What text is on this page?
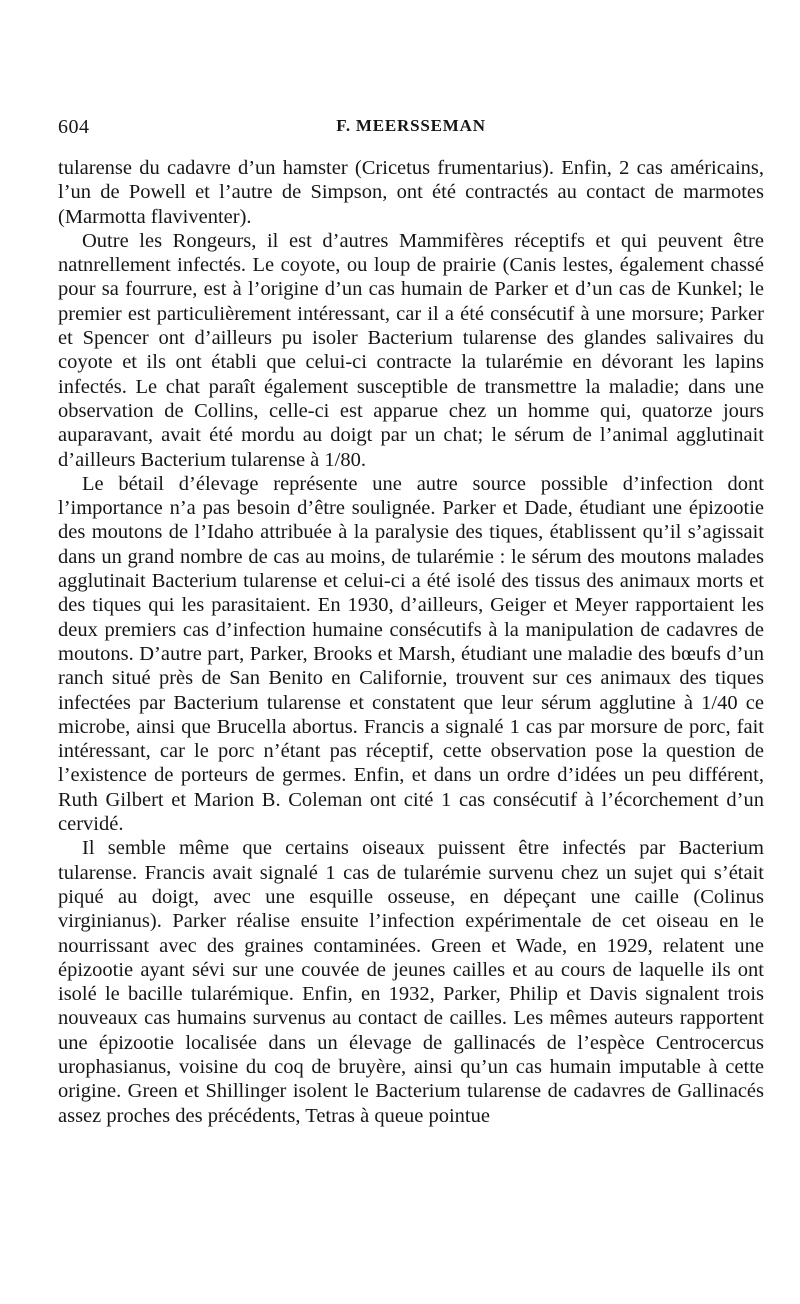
604	F. MEERSSEMAN

tularense du cadavre d’un hamster (Cricetus frumentarius). Enfin, 2 cas américains, l’un de Powell et l’autre de Simpson, ont été contractés au contact de marmotes (Marmotta flaviventer).

Outre les Rongeurs, il est d’autres Mammifères réceptifs et qui peuvent être natnrellement infectés. Le coyote, ou loup de prairie (Canis lestes, également chassé pour sa fourrure, est à l’origine d’un cas humain de Parker et d’un cas de Kunkel; le premier est particulièrement intéressant, car il a été consécutif à une morsure; Parker et Spencer ont d’ailleurs pu isoler Bacterium tularense des glandes salivaires du coyote et ils ont établi que celui-ci contracte la tularémie en dévorant les lapins infectés. Le chat paraît également susceptible de transmettre la maladie; dans une observation de Collins, celle-ci est apparue chez un homme qui, quatorze jours auparavant, avait été mordu au doigt par un chat; le sérum de l’animal agglutinait d’ailleurs Bacterium tularense à 1/80.

Le bétail d’élevage représente une autre source possible d’infection dont l’importance n’a pas besoin d’être soulignée. Parker et Dade, étudiant une épizootie des moutons de l’Idaho attribuée à la paralysie des tiques, établissent qu’il s’agissait dans un grand nombre de cas au moins, de tularémie : le sérum des moutons malades agglutinait Bacterium tularense et celui-ci a été isolé des tissus des animaux morts et des tiques qui les parasitaient. En 1930, d’ailleurs, Geiger et Meyer rapportaient les deux premiers cas d’infection humaine consécutifs à la manipulation de cadavres de moutons. D’autre part, Parker, Brooks et Marsh, étudiant une maladie des bœufs d’un ranch situé près de San Benito en Californie, trouvent sur ces animaux des tiques infectées par Bacterium tularense et constatent que leur sérum agglutine à 1/40 ce microbe, ainsi que Brucella abortus. Francis a signalé 1 cas par morsure de porc, fait intéressant, car le porc n’étant pas réceptif, cette observation pose la question de l’existence de porteurs de germes. Enfin, et dans un ordre d’idées un peu différent, Ruth Gilbert et Marion B. Coleman ont cité 1 cas consécutif à l’écorchement d’un cervidé.

Il semble même que certains oiseaux puissent être infectés par Bacterium tularense. Francis avait signalé 1 cas de tularémie survenu chez un sujet qui s’était piqué au doigt, avec une esquille osseuse, en dépeçant une caille (Colinus virginianus). Parker réalise ensuite l’infection expérimentale de cet oiseau en le nourrissant avec des graines contaminées. Green et Wade, en 1929, relatent une épizootie ayant sévi sur une couvée de jeunes cailles et au cours de laquelle ils ont isolé le bacille tularémique. Enfin, en 1932, Parker, Philip et Davis signalent trois nouveaux cas humains survenus au contact de cailles. Les mêmes auteurs rapportent une épizootie localisée dans un élevage de gallinacés de l’espèce Centrocercus urophasianus, voisine du coq de bruyère, ainsi qu’un cas humain imputable à cette origine. Green et Shillinger isolent le Bacterium tularense de cadavres de Gallinacés assez proches des précédents, Tetras à queue pointue
